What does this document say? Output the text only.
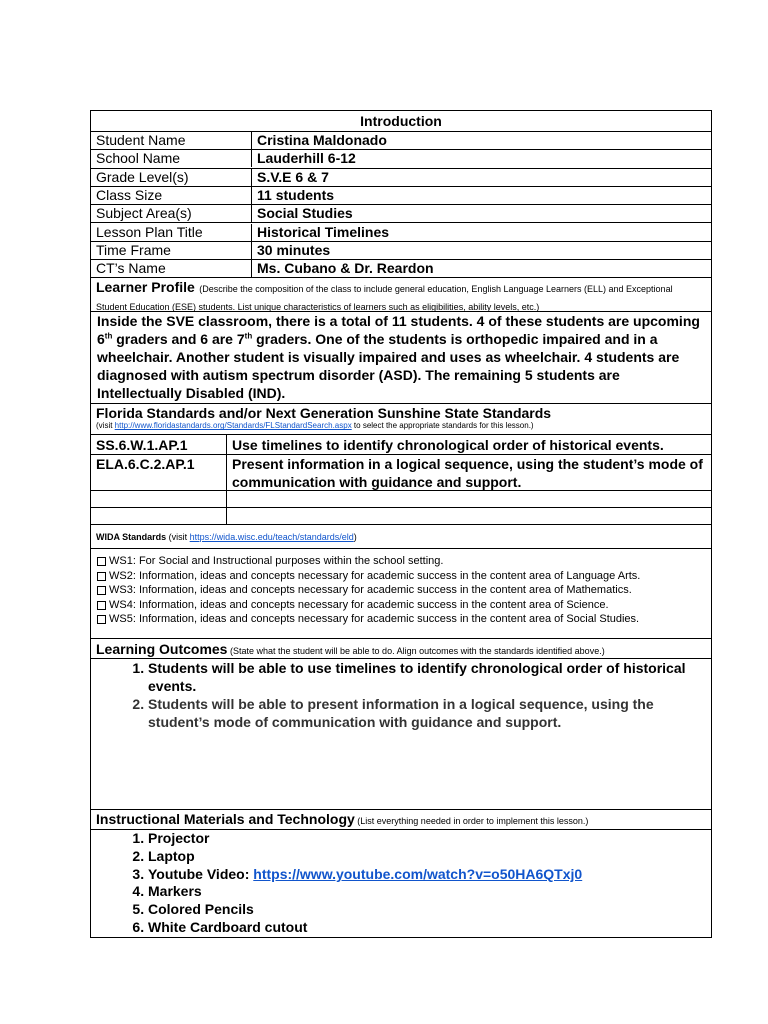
Introduction
Student Name	Cristina Maldonado
School Name	Lauderhill 6-12
Grade Level(s)	S.V.E 6 & 7
Class Size	11 students
Subject Area(s)	Social Studies
Lesson Plan Title	Historical Timelines
Time Frame	30 minutes
CT’s Name	Ms. Cubano & Dr. Reardon
Learner Profile (Describe the composition of the class to include general education, English Language Learners (ELL) and Exceptional Student Education (ESE) students. List unique characteristics of learners such as eligibilities, ability levels, etc.)
Inside the SVE classroom, there is a total of 11 students. 4 of these students are upcoming 6th graders and 6 are 7th graders. One of the students is orthopedic impaired and in a wheelchair. Another student is visually impaired and uses as wheelchair. 4 students are diagnosed with autism spectrum disorder (ASD). The remaining 5 students are Intellectually Disabled (IND).
Florida Standards and/or Next Generation Sunshine State Standards
(visit http://www.floridastandards.org/Standards/FLStandardSearch.aspx to select the appropriate standards for this lesson.)
SS.6.W.1.AP.1	Use timelines to identify chronological order of historical events.
ELA.6.C.2.AP.1	Present information in a logical sequence, using the student’s mode of communication with guidance and support.
WIDA Standards (visit https://wida.wisc.edu/teach/standards/eld)
WS1: For Social and Instructional purposes within the school setting.
WS2: Information, ideas and concepts necessary for academic success in the content area of Language Arts.
WS3: Information, ideas and concepts necessary for academic success in the content area of Mathematics.
WS4: Information, ideas and concepts necessary for academic success in the content area of Science.
WS5: Information, ideas and concepts necessary for academic success in the content area of Social Studies.
Learning Outcomes (State what the student will be able to do. Align outcomes with the standards identified above.)
1. Students will be able to use timelines to identify chronological order of historical events.
2. Students will be able to present information in a logical sequence, using the student’s mode of communication with guidance and support.
Instructional Materials and Technology (List everything needed in order to implement this lesson.)
1. Projector
2. Laptop
3. Youtube Video: https://www.youtube.com/watch?v=o50HA6QTxj0
4. Markers
5. Colored Pencils
6. White Cardboard cutout
